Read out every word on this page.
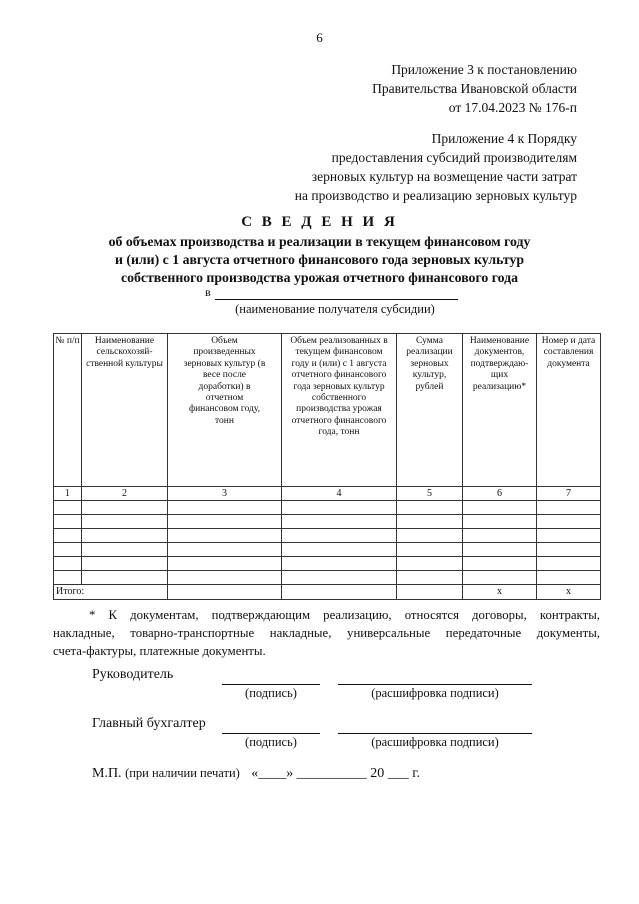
6
Приложение 3 к постановлению
Правительства Ивановской области
от 17.04.2023 № 176-п
Приложение 4 к Порядку
предоставления субсидий производителям
зерновых культур на возмещение части затрат
на производство и реализацию зерновых культур
С В Е Д Е Н И Я
об объемах производства и реализации в текущем финансовом году
и (или) с 1 августа отчетного финансового года зерновых культур
собственного производства урожая отчетного финансового года
в
(наименование получателя субсидии)
№ п/п	Наименование сельскохозяй-ственной культуры	Объем произведенных зерновых культур (в весе после доработки) в отчетном финансовом году, тонн	Объем реализованных в текущем финансовом году и (или) с 1 августа отчетного финансового года зерновых культур собственного производства урожая отчетного финансового года, тонн	Сумма реализации зерновых культур, рублей	Наименование документов, подтверждаю-щих реализацию*	Номер и дата составления документа
1	2	3	4	5	6	7

Итого:					х	х
* К документам, подтверждающим реализацию, относятся договоры, контракты,
накладные, товарно-транспортные накладные, универсальные передаточные документы,
счета-фактуры, платежные документы.
Руководитель
(подпись)	(расшифровка подписи)
Главный бухгалтер
(подпись)	(расшифровка подписи)
М.П. (при наличии печати) «____» __________ 20 ___ г.
